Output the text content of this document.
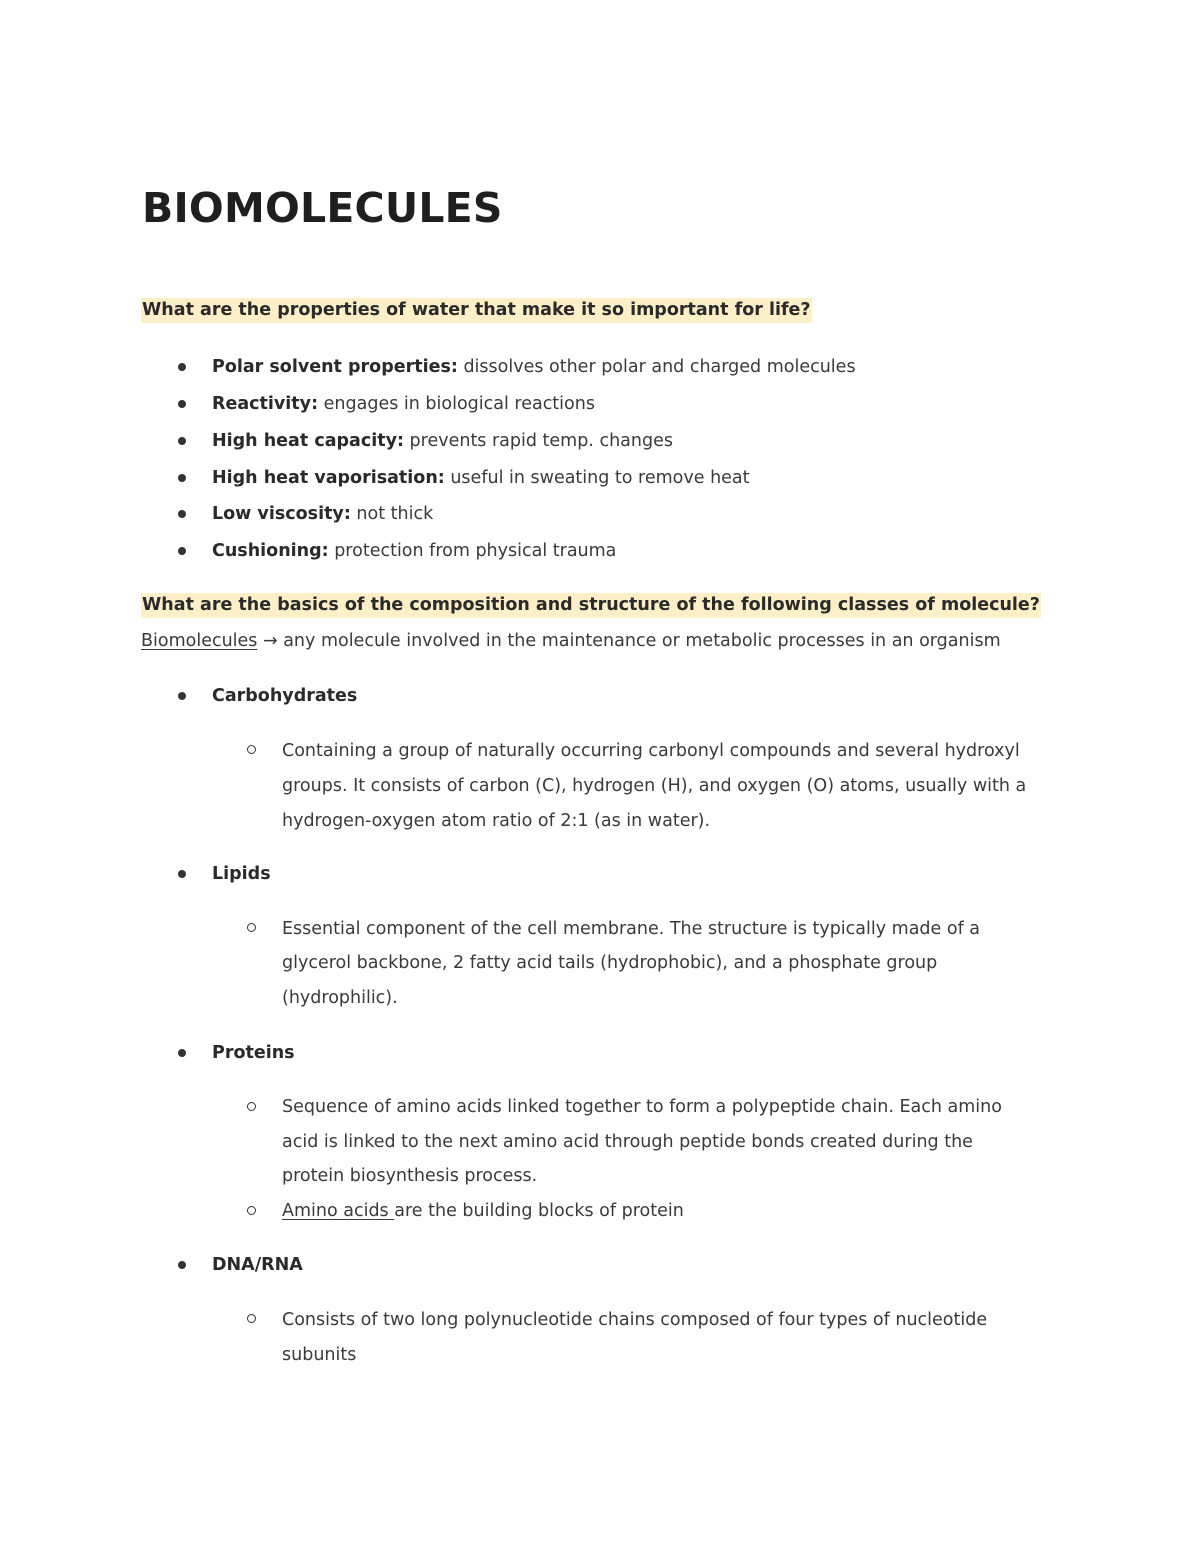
BIOMOLECULES

What are the properties of water that make it so important for life?

Polar solvent properties: dissolves other polar and charged molecules
Reactivity: engages in biological reactions
High heat capacity: prevents rapid temp. changes
High heat vaporisation: useful in sweating to remove heat
Low viscosity: not thick
Cushioning: protection from physical trauma

What are the basics of the composition and structure of the following classes of molecule?

Biomolecules → any molecule involved in the maintenance or metabolic processes in an organism
Carbohydrates
Containing a group of naturally occurring carbonyl compounds and several hydroxyl
groups. It consists of carbon (C), hydrogen (H), and oxygen (O) atoms, usually with a
hydrogen-oxygen atom ratio of 2:1 (as in water).
Lipids
Essential component of the cell membrane. The structure is typically made of a
glycerol backbone, 2 fatty acid tails (hydrophobic), and a phosphate group
(hydrophilic).
Proteins
Sequence of amino acids linked together to form a polypeptide chain. Each amino
acid is linked to the next amino acid through peptide bonds created during the
protein biosynthesis process.
Amino acids are the building blocks of protein
DNA/RNA
Consists of two long polynucleotide chains composed of four types of nucleotide
subunits
